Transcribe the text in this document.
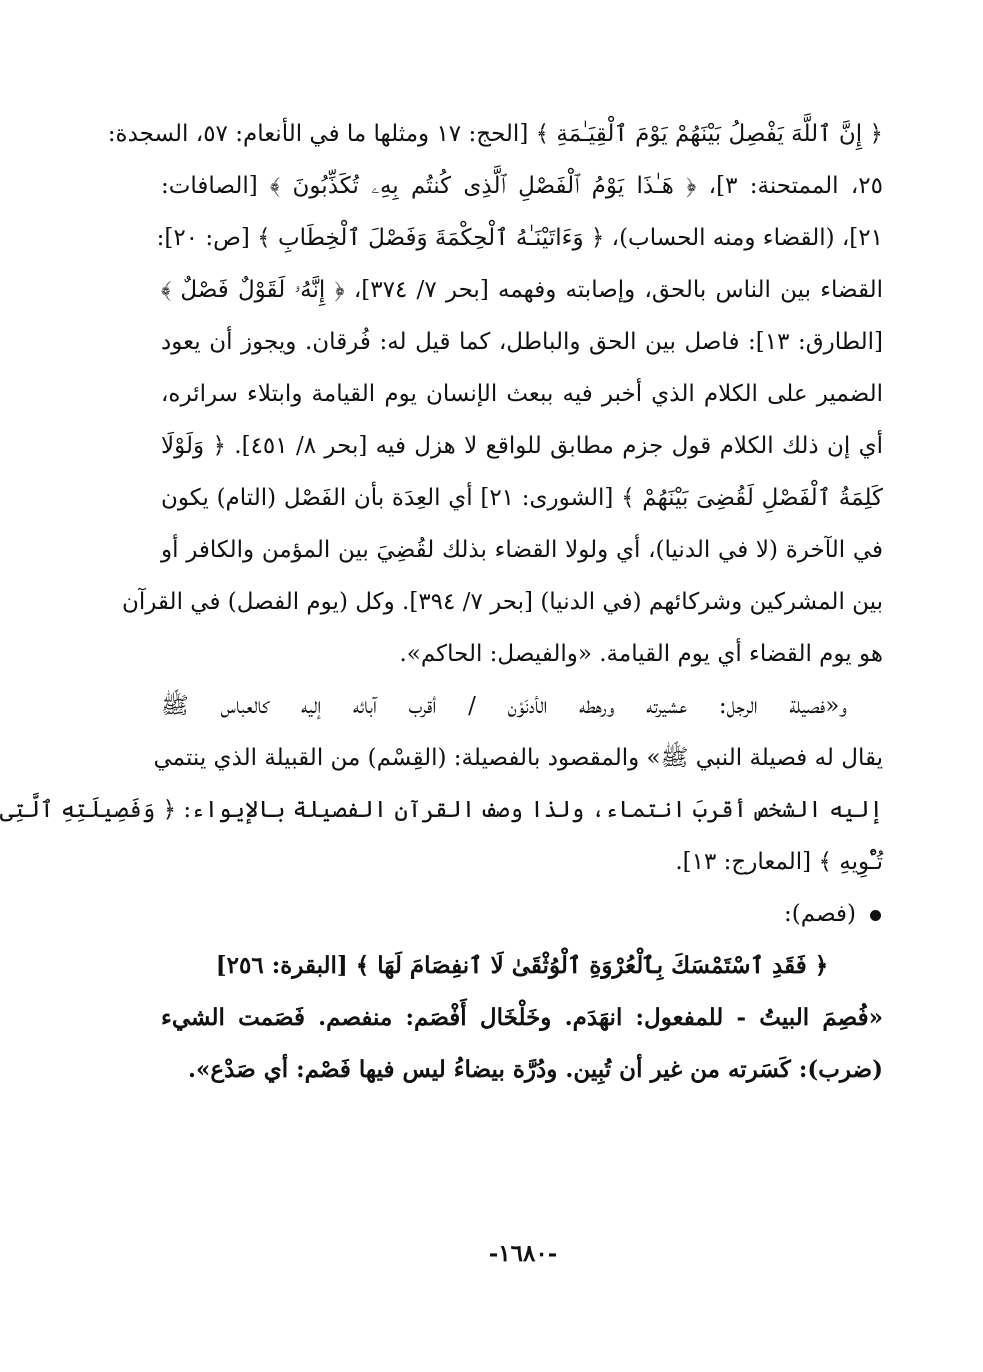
﴿ إِنَّ ٱللَّهَ يَفْصِلُ بَيْنَهُمْ يَوْمَ ٱلْقِيَـٰمَةِ ﴾ [الحج: ١٧ ومثلها ما في الأنعام: ٥٧، السجدة:
٢٥، الممتحنة: ٣]، ﴿ هَـٰذَا يَوْمُ ٱلْفَصْلِ ٱلَّذِى كُنتُم بِهِۦ تُكَذِّبُونَ ﴾ [الصافات:
٢١]، (القضاء ومنه الحساب)، ﴿ وَءَاتَيْنَـٰهُ ٱلْحِكْمَةَ وَفَصْلَ ٱلْخِطَابِ ﴾ [ص: ٢٠]:
القضاء بين الناس بالحق، وإصابته وفهمه [بحر ٧/ ٣٧٤]، ﴿ إِنَّهُۥ لَقَوْلٌ فَصْلٌ ﴾
[الطارق: ١٣]: فاصل بين الحق والباطل، كما قيل له: فُرقان. ويجوز أن يعود
الضمير على الكلام الذي أخبر فيه ببعث الإنسان يوم القيامة وابتلاء سرائره،
أي إن ذلك الكلام قول جزم مطابق للواقع لا هزل فيه [بحر ٨/ ٤٥١]. ﴿ وَلَوْلَا
كَلِمَةُ ٱلْفَصْلِ لَقُضِىَ بَيْنَهُمْ ﴾ [الشورى: ٢١] أي العِدَة بأن الفَصْل (التام) يكون
في الآخرة (لا في الدنيا)، أي ولولا القضاء بذلك لقُضِيَ بين المؤمن والكافر أو
بين المشركين وشركائهم (في الدنيا) [بحر ٧/ ٣٩٤]. وكل (يوم الفصل) في القرآن
هو يوم القضاء أي يوم القيامة. «والفيصل: الحاكم».
و«فصيلة الرجل: عشيرته ورهطه الأدنَوْن / أقرب آبائه إليه كالعباس ﷺ
يقال له فصيلة النبي ﷺ» والمقصود بالفصيلة: (القِسْم) من القبيلة الذي ينتمي
إليه الشخص أقربَ انتماء، ولذا وصف القرآن الفصيلة بالإيواء: ﴿ وَفَصِيلَتِهِ ٱلَّتِى
تُـْٔوِيهِ ﴾ [المعارج: ١٣].
(فصم):
﴿ فَقَدِ ٱسْتَمْسَكَ بِٱلْعُرْوَةِ ٱلْوُثْقَىٰ لَا ٱنفِصَامَ لَهَا ﴾ [البقرة: ٢٥٦]
«فُصِمَ البيتُ - للمفعول: انهَدَم. وخَلْخَال أَفْصَم: منفصم. فَصَمت الشيء
(ضرب): كَسَرته من غير أن تُبِين. ودُرَّة بيضاءُ ليس فيها فَصْم: أي صَدْع».
-١٦٨٠-
